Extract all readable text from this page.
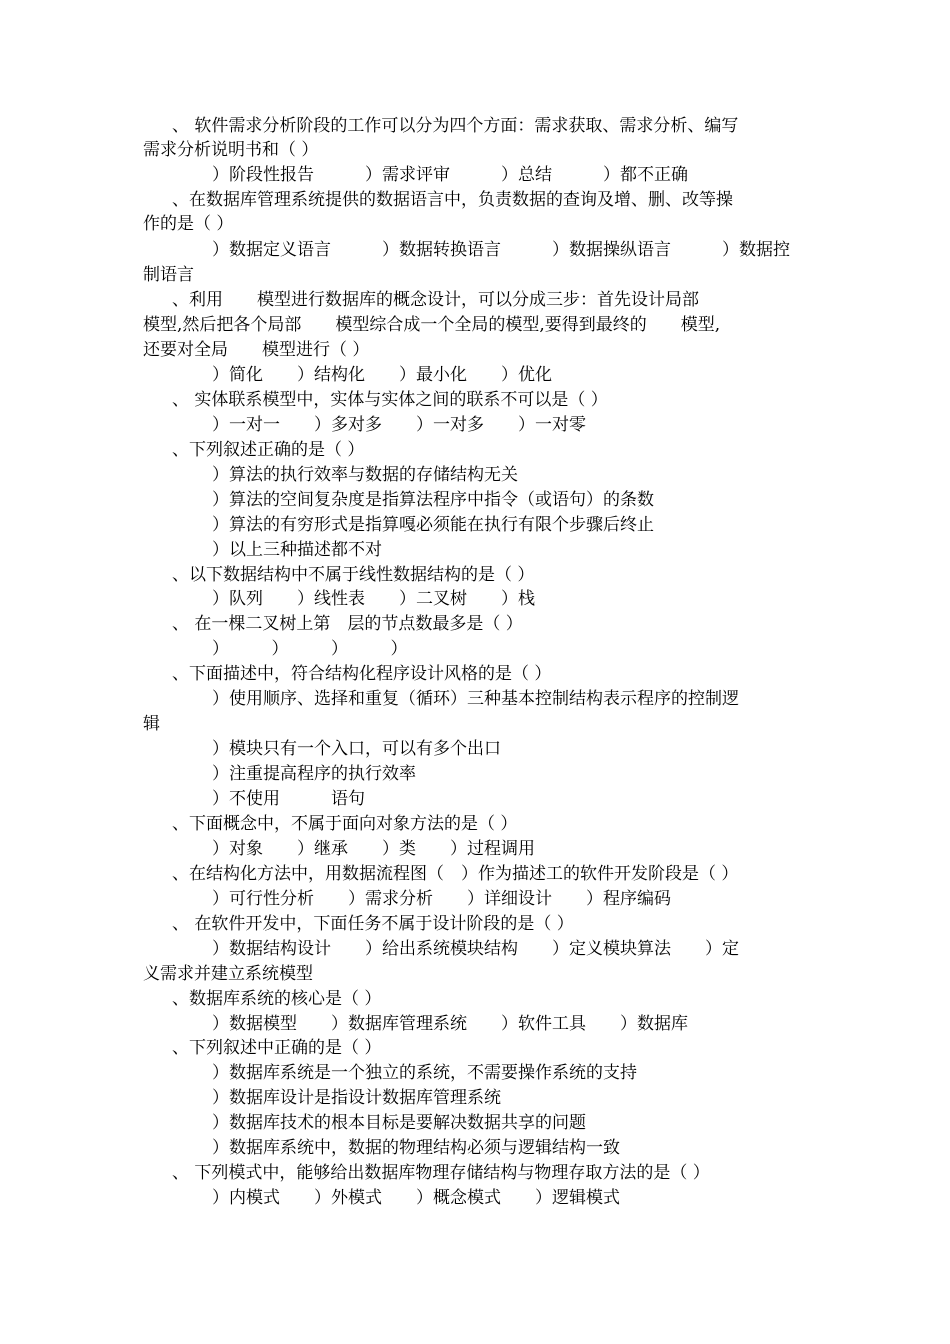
、 软件需求分析阶段的工作可以分为四个方面：需求获取、需求分析、编写
需求分析说明书和（ ）
）阶段性报告　　　）需求评审　　　）总结　　　）都不正确
、在数据库管理系统提供的数据语言中，负责数据的查询及增、删、改等操
作的是（ ）
）数据定义语言　　　）数据转换语言　　　）数据操纵语言　　　）数据控
制语言
、利用　　模型进行数据库的概念设计，可以分成三步：首先设计局部
模型,然后把各个局部　　模型综合成一个全局的模型,要得到最终的　　模型,
还要对全局　　模型进行（ ）
）简化　　）结构化　　）最小化　　）优化
、 实体联系模型中，实体与实体之间的联系不可以是（ ）
）一对一　　）多对多　　）一对多　　）一对零
、下列叙述正确的是（ ）
）算法的执行效率与数据的存储结构无关
）算法的空间复杂度是指算法程序中指令（或语句）的条数
）算法的有穷形式是指算嘎必须能在执行有限个步骤后终止
）以上三种描述都不对
、以下数据结构中不属于线性数据结构的是（ ）
）队列　　）线性表　　）二叉树　　）栈
、 在一棵二叉树上第　层的节点数最多是（ ）
）　　　）　　　）　　　）
、下面描述中，符合结构化程序设计风格的是（ ）
）使用顺序、选择和重复（循环）三种基本控制结构表示程序的控制逻
辑
）模块只有一个入口，可以有多个出口
）注重提高程序的执行效率
）不使用　　　语句
、下面概念中，不属于面向对象方法的是（ ）
）对象　　）继承　　）类　　）过程调用
、在结构化方法中，用数据流程图（　）作为描述工的软件开发阶段是（ ）
）可行性分析　　）需求分析　　）详细设计　　）程序编码
、 在软件开发中，下面任务不属于设计阶段的是（ ）
）数据结构设计　　）给出系统模块结构　　）定义模块算法　　）定
义需求并建立系统模型
、数据库系统的核心是（ ）
）数据模型　　）数据库管理系统　　）软件工具　　）数据库
、下列叙述中正确的是（ ）
）数据库系统是一个独立的系统，不需要操作系统的支持
）数据库设计是指设计数据库管理系统
）数据库技术的根本目标是要解决数据共享的问题
）数据库系统中，数据的物理结构必须与逻辑结构一致
、 下列模式中，能够给出数据库物理存储结构与物理存取方法的是（ ）
）内模式　　）外模式　　）概念模式　　）逻辑模式
